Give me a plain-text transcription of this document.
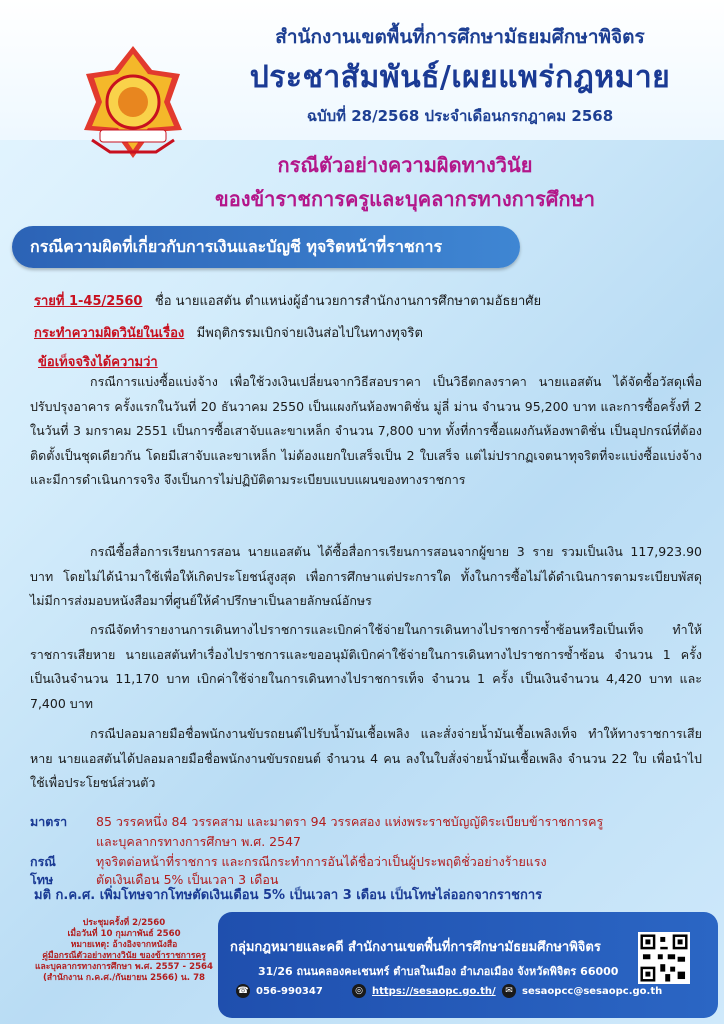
สำนักงานเขตพื้นที่การศึกษามัธยมศึกษาพิจิตร
ประชาสัมพันธ์/เผยแพร่กฎหมาย
ฉบับที่ 28/2568 ประจำเดือนกรกฎาคม 2568
กรณีตัวอย่างความผิดทางวินัย
ของข้าราชการครูและบุคลากรทางการศึกษา
กรณีความผิดที่เกี่ยวกับการเงินและบัญชี ทุจริตหน้าที่ราชการ
รายที่ 1-45/2560 ชื่อ นายแอสตัน ตำแหน่งผู้อำนวยการสำนักงานการศึกษาตามอัธยาศัย
กระทำความผิดวินัยในเรื่อง มีพฤติกรรมเบิกจ่ายเงินส่อไปในทางทุจริต
ข้อเท็จจริงได้ความว่า
กรณีการแบ่งซื้อแบ่งจ้าง เพื่อใช้วงเงินเปลี่ยนจากวิธีสอบราคา เป็นวิธีตกลงราคา นายแอสตัน ได้จัดซื้อวัสดุเพื่อปรับปรุงอาคาร ครั้งแรกในวันที่ 20 ธันวาคม 2550 เป็นแผงกันห้องพาติชั่น มู่ลี่ ม่าน จำนวน 95,200 บาท และการซื้อครั้งที่ 2 ในวันที่ 3 มกราคม 2551 เป็นการซื้อเสาจับและขาเหล็ก จำนวน 7,800 บาท ทั้งที่การซื้อแผงกันห้องพาติชั่น เป็นอุปกรณ์ที่ต้องติดตั้งเป็นชุดเดียวกัน โดยมีเสาจับและขาเหล็ก ไม่ต้องแยกใบเสร็จเป็น 2 ใบเสร็จ แต่ไม่ปรากฏเจตนาทุจริตที่จะแบ่งซื้อแบ่งจ้างและมีการดำเนินการจริง จึงเป็นการไม่ปฏิบัติตามระเบียบแบบแผนของทางราชการ
กรณีซื้อสื่อการเรียนการสอน นายแอสตัน ได้ซื้อสื่อการเรียนการสอนจากผู้ขาย 3 ราย รวมเป็นเงิน 117,923.90 บาท โดยไม่ได้นำมาใช้เพื่อให้เกิดประโยชน์สูงสุด เพื่อการศึกษาแต่ประการใด ทั้งในการซื้อไม่ได้ดำเนินการตามระเบียบพัสดุ ไม่มีการส่งมอบหนังสือมาที่ศูนย์ให้คำปรึกษาเป็นลายลักษณ์อักษร
กรณีจัดทำรายงานการเดินทางไปราชการและเบิกค่าใช้จ่ายในการเดินทางไปราชการซ้ำซ้อนหรือเป็นเท็จ ทำให้ราชการเสียหาย นายแอสตันทำเรื่องไปราชการและขออนุมัติเบิกค่าใช้จ่ายในการเดินทางไปราชการซ้ำซ้อน จำนวน 1 ครั้ง เป็นเงินจำนวน 11,170 บาท เบิกค่าใช้จ่ายในการเดินทางไปราชการเท็จ จำนวน 1 ครั้ง เป็นเงินจำนวน 4,420 บาท และ 7,400 บาท
กรณีปลอมลายมือชื่อพนักงานขับรถยนต์ไปรับน้ำมันเชื้อเพลิง และสั่งจ่ายน้ำมันเชื้อเพลิงเท็จ ทำให้ทางราชการเสียหาย นายแอสตันได้ปลอมลายมือชื่อพนักงานขับรถยนต์ จำนวน 4 คน ลงในใบสั่งจ่ายน้ำมันเชื้อเพลิง จำนวน 22 ใบ เพื่อนำไปใช้เพื่อประโยชน์ส่วนตัว
มาตรา 85 วรรคหนึ่ง 84 วรรคสาม และมาตรา 94 วรรคสอง แห่งพระราชบัญญัติระเบียบข้าราชการครู
และบุคลากรทางการศึกษา พ.ศ. 2547
กรณี	ทุจริตต่อหน้าที่ราชการ และกรณีกระทำการอันได้ชื่อว่าเป็นผู้ประพฤติชั่วอย่างร้ายแรง
โทษ	ตัดเงินเดือน 5% เป็นเวลา 3 เดือน
มติ ก.ค.ศ. เพิ่มโทษจากโทษตัดเงินเดือน 5% เป็นเวลา 3 เดือน เป็นโทษไล่ออกจากราชการ
ประชุมครั้งที่ 2/2560
เมื่อวันที่ 10 กุมภาพันธ์ 2560
หมายเหตุ: อ้างอิงจากหนังสือ
คู่มือกรณีตัวอย่างทางวินัย ของข้าราชการครู
และบุคลากรทางการศึกษา พ.ศ. 2557 - 2564
(สำนักงาน ก.ค.ศ./กันยายน 2566) น. 78
กลุ่มกฎหมายและคดี สำนักงานเขตพื้นที่การศึกษามัธยมศึกษาพิจิตร
31/26 ถนนคลองคะเชนทร์ ตำบลในเมือง อำเภอเมือง จังหวัดพิจิตร 66000
☎ 056-990347	◎ https://sesaopc.go.th/	✉ sesaopcc@sesaopc.go.th
